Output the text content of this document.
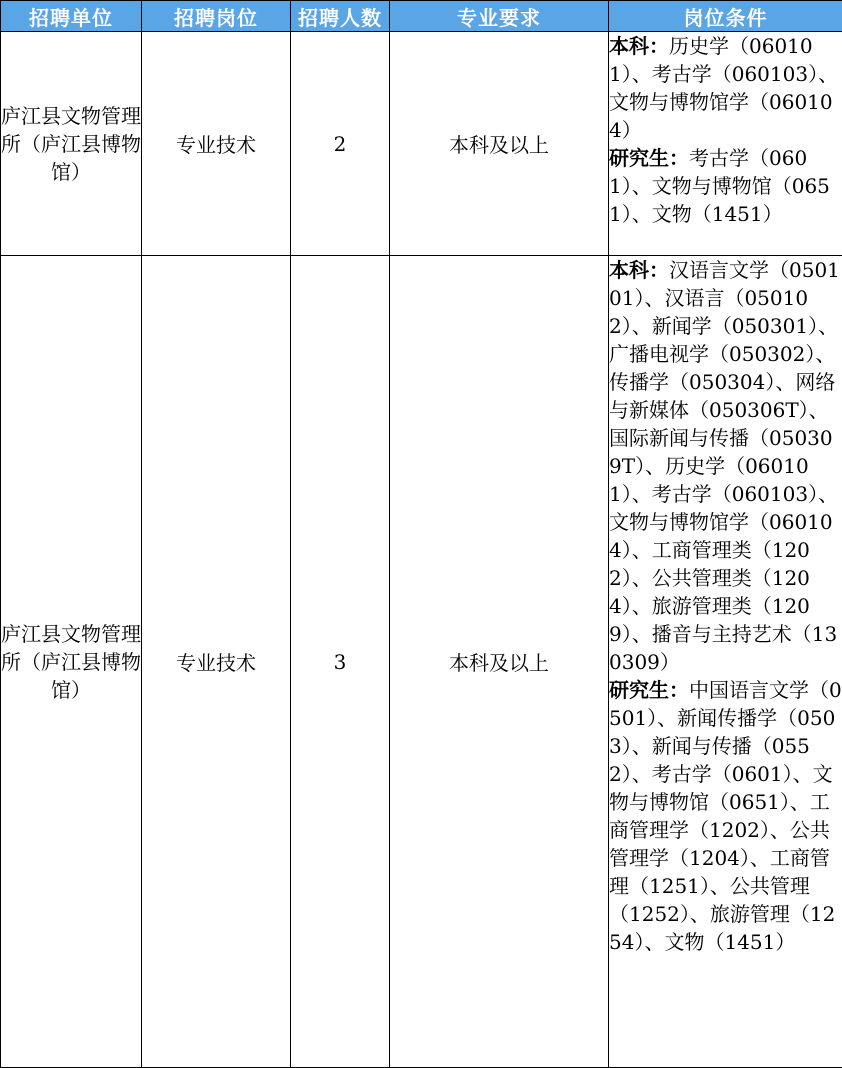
招聘单位	招聘岗位	招聘人数	专业要求	岗位条件
庐江县文物管理所（庐江县博物馆）	专业技术	2	本科及以上	本科：历史学（060101）、考古学（060103）、文物与博物馆学（060104）
研究生：考古学（0601）、文物与博物馆（0651）、文物（1451）
庐江县文物管理所（庐江县博物馆）	专业技术	3	本科及以上	本科：汉语言文学（050101）、汉语言（050102）、新闻学（050301）、广播电视学（050302）、传播学（050304）、网络与新媒体（050306T）、国际新闻与传播（050309T）、历史学（060101）、考古学（060103）、文物与博物馆学（060104）、工商管理类（1202）、公共管理类（1204）、旅游管理类（1209）、播音与主持艺术（130309）
研究生：中国语言文学（0501）、新闻传播学（0503）、新闻与传播（0552）、考古学（0601）、文物与博物馆（0651）、工商管理学（1202）、公共管理学（1204）、工商管理（1251）、公共管理（1252）、旅游管理（1254）、文物（1451）
